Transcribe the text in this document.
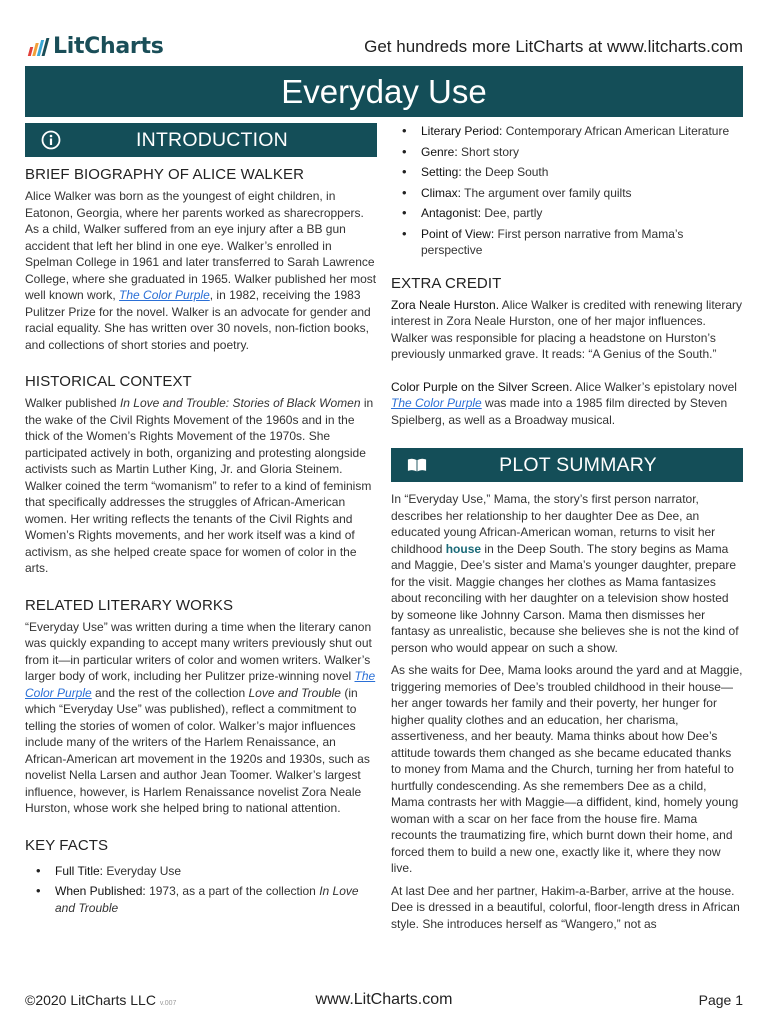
LitCharts	Get hundreds more LitCharts at www.litcharts.com
Everyday Use
INTRODUCTION
BRIEF BIOGRAPHY OF ALICE WALKER

Alice Walker was born as the youngest of eight children, in Eatonon, Georgia, where her parents worked as sharecroppers. As a child, Walker suffered from an eye injury after a BB gun accident that left her blind in one eye. Walker’s enrolled in Spelman College in 1961 and later transferred to Sarah Lawrence College, where she graduated in 1965. Walker published her most well known work, The Color Purple, in 1982, receiving the 1983 Pulitzer Prize for the novel. Walker is an advocate for gender and racial equality. She has written over 30 novels, non-fiction books, and collections of short stories and poetry.

HISTORICAL CONTEXT

Walker published In Love and Trouble: Stories of Black Women in the wake of the Civil Rights Movement of the 1960s and in the thick of the Women’s Rights Movement of the 1970s. She participated actively in both, organizing and protesting alongside activists such as Martin Luther King, Jr. and Gloria Steinem. Walker coined the term “womanism” to refer to a kind of feminism that specifically addresses the struggles of African-American women. Her writing reflects the tenants of the Civil Rights and Women’s Rights movements, and her work itself was a kind of activism, as she helped create space for women of color in the arts.

RELATED LITERARY WORKS

“Everyday Use” was written during a time when the literary canon was quickly expanding to accept many writers previously shut out from it—in particular writers of color and women writers. Walker’s larger body of work, including her Pulitzer prize-winning novel The Color Purple and the rest of the collection Love and Trouble (in which “Everyday Use” was published), reflect a commitment to telling the stories of women of color. Walker’s major influences include many of the writers of the Harlem Renaissance, an African-American art movement in the 1920s and 1930s, such as novelist Nella Larsen and author Jean Toomer. Walker’s largest influence, however, is Harlem Renaissance novelist Zora Neale Hurston, whose work she helped bring to national attention.

KEY FACTS
• Full Title: Everyday Use
• When Published: 1973, as a part of the collection In Love and Trouble
• Literary Period: Contemporary African American Literature
• Genre: Short story
• Setting: the Deep South
• Climax: The argument over family quilts
• Antagonist: Dee, partly
• Point of View: First person narrative from Mama’s perspective
EXTRA CREDIT

Zora Neale Hurston. Alice Walker is credited with renewing literary interest in Zora Neale Hurston, one of her major influences. Walker was responsible for placing a headstone on Hurston’s previously unmarked grave. It reads: “A Genius of the South.”

Color Purple on the Silver Screen. Alice Walker’s epistolary novel The Color Purple was made into a 1985 film directed by Steven Spielberg, as well as a Broadway musical.

PLOT SUMMARY

In “Everyday Use,” Mama, the story’s first person narrator, describes her relationship to her daughter Dee as Dee, an educated young African-American woman, returns to visit her childhood house in the Deep South. The story begins as Mama and Maggie, Dee’s sister and Mama’s younger daughter, prepare for the visit. Maggie changes her clothes as Mama fantasizes about reconciling with her daughter on a television show hosted by someone like Johnny Carson. Mama then dismisses her fantasy as unrealistic, because she believes she is not the kind of person who would appear on such a show.

As she waits for Dee, Mama looks around the yard and at Maggie, triggering memories of Dee’s troubled childhood in their house—her anger towards her family and their poverty, her hunger for higher quality clothes and an education, her charisma, assertiveness, and her beauty. Mama thinks about how Dee’s attitude towards them changed as she became educated thanks to money from Mama and the Church, turning her from hateful to hurtfully condescending. As she remembers Dee as a child, Mama contrasts her with Maggie—a diffident, kind, homely young woman with a scar on her face from the house fire. Mama recounts the traumatizing fire, which burnt down their home, and forced them to build a new one, exactly like it, where they now live.

At last Dee and her partner, Hakim-a-Barber, arrive at the house. Dee is dressed in a beautiful, colorful, floor-length dress in African style. She introduces herself as “Wangero,” not as

©2020 LitCharts LLC v.007	www.LitCharts.com	Page 1
